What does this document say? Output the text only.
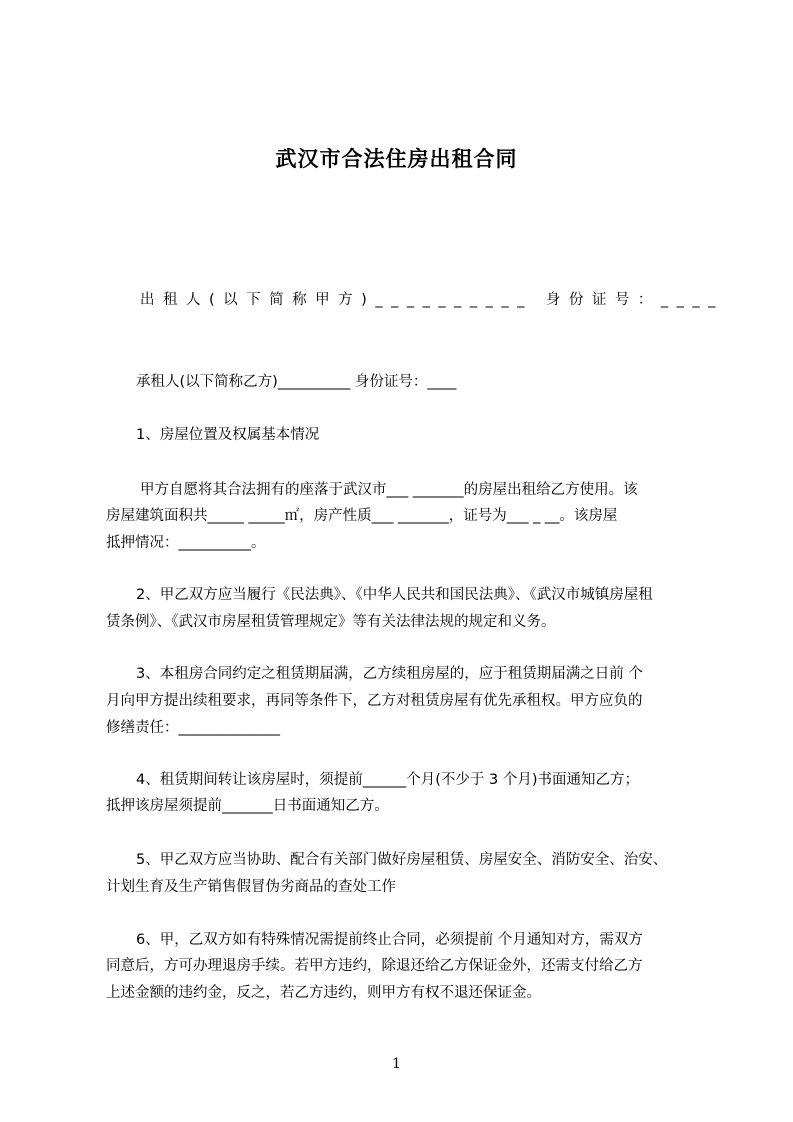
武汉市合法住房出租合同
出租人(以下简称甲方)__________ 身份证号：____
承租人(以下简称乙方)__________ 身份证号：____
1、房屋位置及权属基本情况
甲方自愿将其合法拥有的座落于武汉市___ _______的房屋出租给乙方使用。该
房屋建筑面积共_____ _____㎡，房产性质___ _______，证号为___ _ __。该房屋
抵押情况：__________。
2、甲乙双方应当履行《民法典》、《中华人民共和国民法典》、《武汉市城镇房屋租
赁条例》、《武汉市房屋租赁管理规定》等有关法律法规的规定和义务。
3、本租房合同约定之租赁期届满，乙方续租房屋的，应于租赁期届满之日前 个
月向甲方提出续租要求，再同等条件下，乙方对租赁房屋有优先承租权。甲方应负的
修缮责任：______________
4、租赁期间转让该房屋时，须提前______个月(不少于 3 个月)书面通知乙方；
抵押该房屋须提前_______日书面通知乙方。
5、甲乙双方应当协助、配合有关部门做好房屋租赁、房屋安全、消防安全、治安、
计划生育及生产销售假冒伪劣商品的查处工作
6、甲，乙双方如有特殊情况需提前终止合同，必须提前 个月通知对方，需双方
同意后，方可办理退房手续。若甲方违约，除退还给乙方保证金外，还需支付给乙方
上述金额的违约金，反之，若乙方违约，则甲方有权不退还保证金。
1
